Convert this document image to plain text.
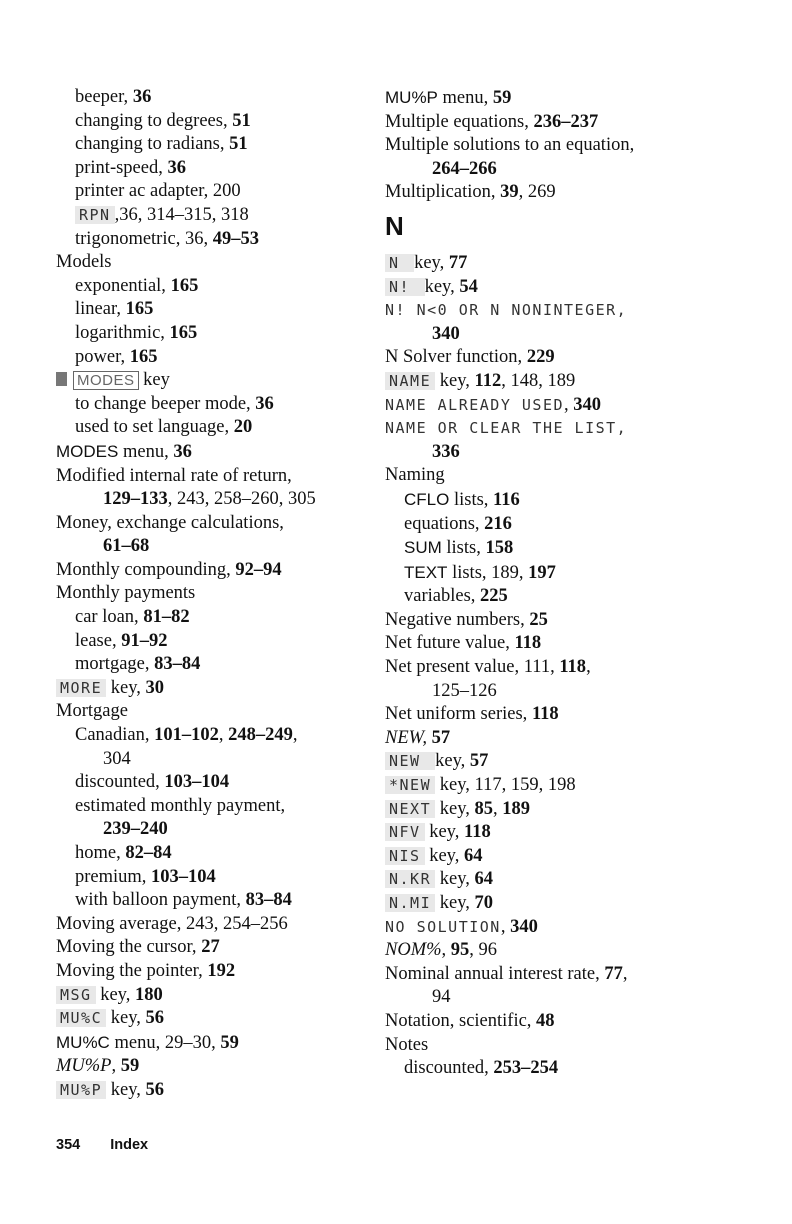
beeper, 36
changing to degrees, 51
changing to radians, 51
print-speed, 36
printer ac adapter, 200
RPN ,36, 314–315, 318
trigonometric, 36, 49–53
Models
exponential, 165
linear, 165
logarithmic, 165
power, 165
MODES key
to change beeper mode, 36
used to set language, 20
MODES menu, 36
Modified internal rate of return,
129–133, 243, 258–260, 305
Money, exchange calculations,
61–68
Monthly compounding, 92–94
Monthly payments
car loan, 81–82
lease, 91–92
mortgage, 83–84
MORE key, 30
Mortgage
Canadian, 101–102, 248–249,
304
discounted, 103–104
estimated monthly payment,
239–240
home, 82–84
premium, 103–104
with balloon payment, 83–84
Moving average, 243, 254–256
Moving the cursor, 27
Moving the pointer, 192
MSG key, 180
MU%C key, 56
MU%C menu, 29–30, 59
MU%P, 59
MU%P key, 56
MU%P menu, 59
Multiple equations, 236–237
Multiple solutions to an equation,
264–266
Multiplication, 39, 269
N
N key, 77
N! key, 54
N! N<0 OR N NONINTEGER,
340
N Solver function, 229
NAME key, 112, 148, 189
NAME ALREADY USED, 340
NAME OR CLEAR THE LIST,
336
Naming
CFLO lists, 116
equations, 216
SUM lists, 158
TEXT lists, 189, 197
variables, 225
Negative numbers, 25
Net future value, 118
Net present value, 111, 118,
125–126
Net uniform series, 118
NEW, 57
NEW key, 57
*NEW key, 117, 159, 198
NEXT key, 85, 189
NFV key, 118
NIS key, 64
N.KR key, 64
N.MI key, 70
NO SOLUTION, 340
NOM%, 95, 96
Nominal annual interest rate, 77,
94
Notation, scientific, 48
Notes
discounted, 253–254
354 Index
